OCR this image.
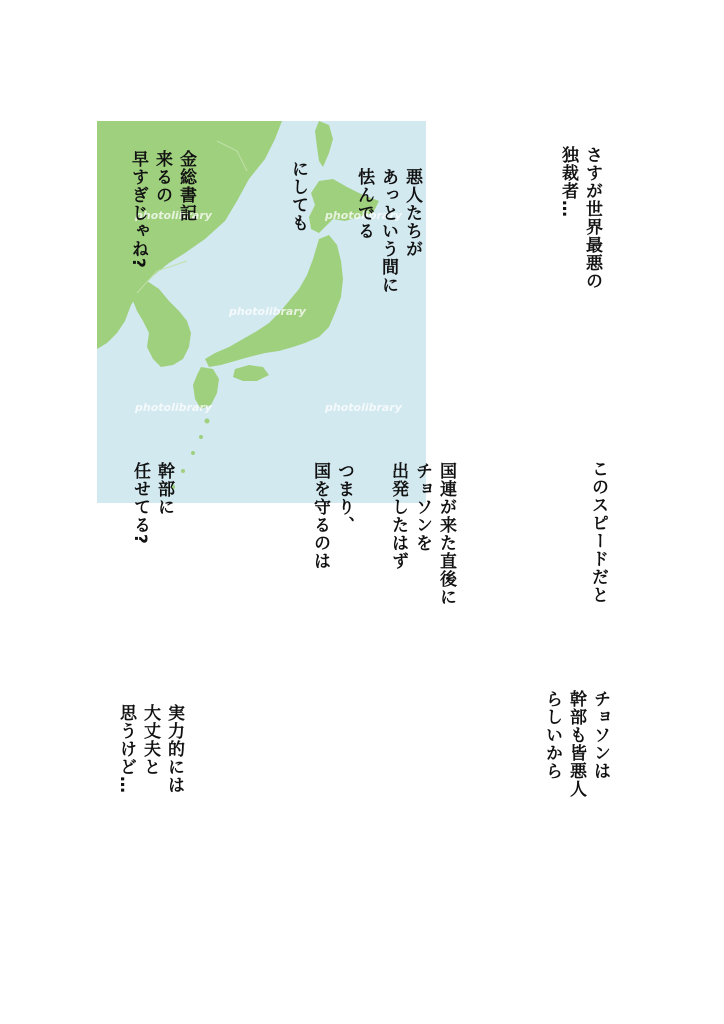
photolibrary	photolibrary
photolibrary
photolibrary	photolibrary
さすが世界最悪の
独裁者…
悪人たちが
あっという間に
怯んでる
にしても
金総書記
来るの
早すぎじゃね?
このスピードだと
国連が来た直後に
チョソンを
出発したはず
つまり、
国を守るのは
幹部に
任せてる?
チョソンは
幹部も皆悪人
らしいから
実力的には
大丈夫と
思うけど…
